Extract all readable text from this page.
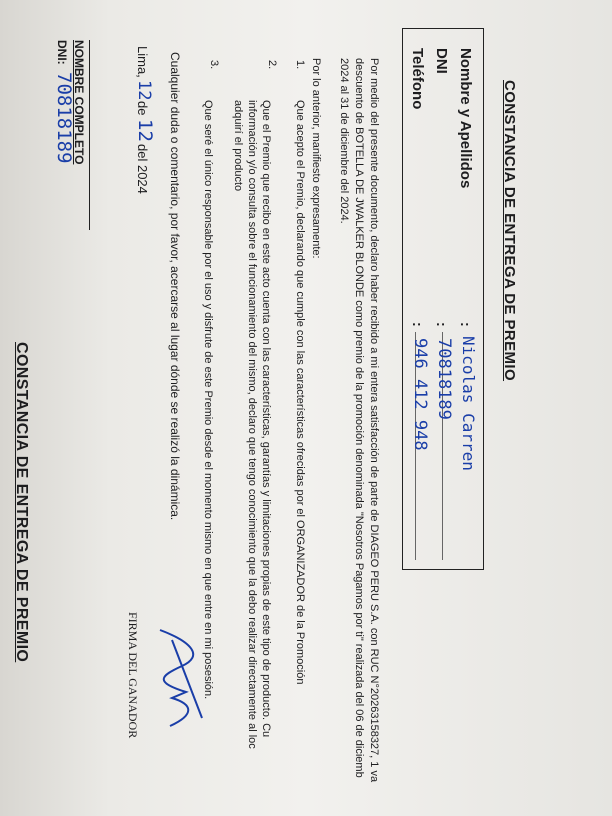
CONSTANCIA DE ENTREGA DE PREMIO
Nombre y Apellidos
DNI
Teléfono
:
:
:
Nicolas Carren
70818189
946 412 948
Por medio del presente documento, declaro haber recibido a mi entera satisfacción de parte de DIAGEO PERU S.A. con RUC N°20263158327, 1 va
descuento de BOTELLA DE JWALKER BLONDE como premio de la promoción denominada "Nosotros Pagamos por ti" realizada del 06 de diciemb
2024 al 31 de diciembre del 2024.
Por lo anterior, manifiesto expresamente:
1.
Que acepto el Premio, declarando que cumple con las características ofrecidas por el ORGANIZADOR de la Promoción
2.
Que el Premio que recibo en este acto cuenta con las características, garantías y limitaciones propias de este tipo de producto. Cu
información y/o consulta sobre el funcionamiento del mismo, declaro que tengo conocimiento que la debo realizar directamente al loc
adquirí el producto
3.
Que seré el único responsable por el uso y disfrute de este Premio desde el momento mismo en que entre en mi posesión.
Lima,
12
de
12
del 2024 Cualquier duda o comentario, por favor, acercarse al lugar dónde se realizó la dinámica.
FIRMA DEL GANADOR
NOMBRE COMPLETO
DNI:
70818189
CONSTANCIA DE ENTREGA DE PREMIO
